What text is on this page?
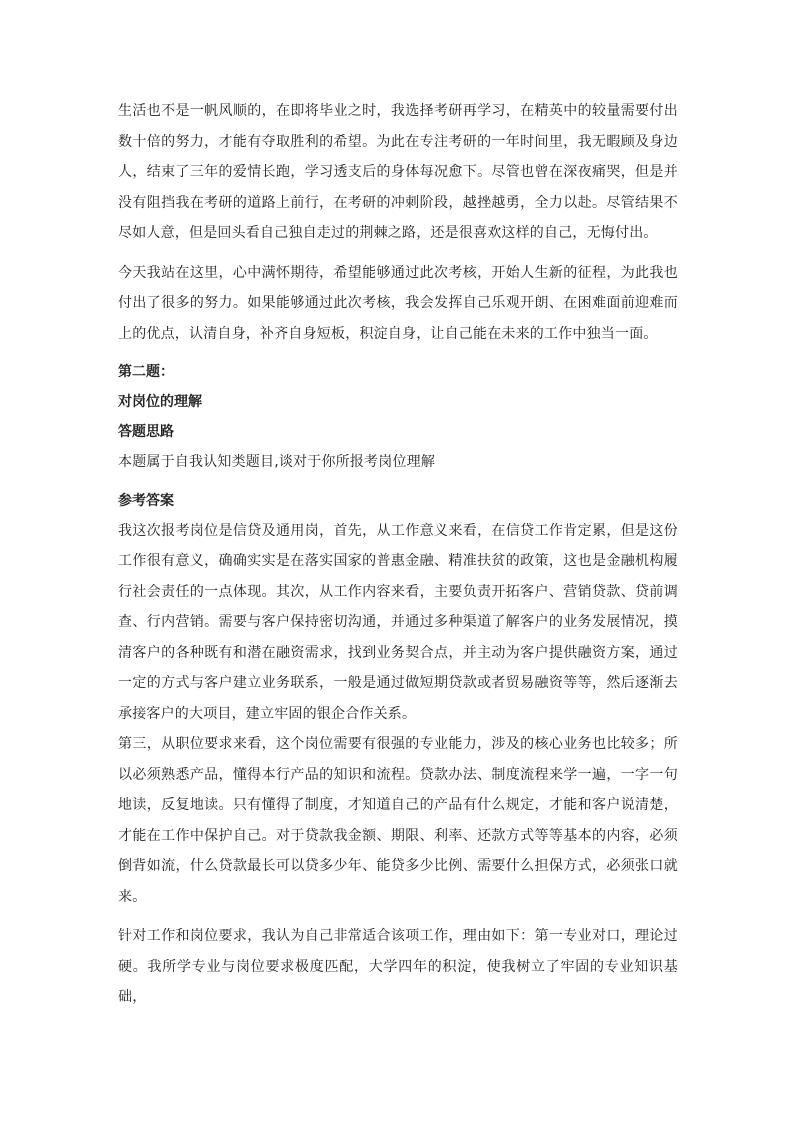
生活也不是一帆风顺的，在即将毕业之时，我选择考研再学习，在精英中的较量需要付出数十倍的努力，才能有夺取胜利的希望。为此在专注考研的一年时间里，我无暇顾及身边人，结束了三年的爱情长跑，学习透支后的身体每况愈下。尽管也曾在深夜痛哭，但是并没有阻挡我在考研的道路上前行，在考研的冲刺阶段，越挫越勇，全力以赴。尽管结果不尽如人意，但是回头看自己独自走过的荆棘之路，还是很喜欢这样的自己，无悔付出。

今天我站在这里，心中满怀期待，希望能够通过此次考核，开始人生新的征程，为此我也付出了很多的努力。如果能够通过此次考核，我会发挥自己乐观开朗、在困难面前迎难而上的优点，认清自身，补齐自身短板，积淀自身，让自己能在未来的工作中独当一面。

第二题：

对岗位的理解

答题思路

本题属于自我认知类题目,谈对于你所报考岗位理解

参考答案

我这次报考岗位是信贷及通用岗，首先，从工作意义来看，在信贷工作肯定累，但是这份工作很有意义，确确实实是在落实国家的普惠金融、精准扶贫的政策，这也是金融机构履行社会责任的一点体现。其次，从工作内容来看，主要负责开拓客户、营销贷款、贷前调查、行内营销。需要与客户保持密切沟通，并通过多种渠道了解客户的业务发展情况，摸清客户的各种既有和潜在融资需求，找到业务契合点，并主动为客户提供融资方案，通过一定的方式与客户建立业务联系，一般是通过做短期贷款或者贸易融资等等，然后逐渐去承接客户的大项目，建立牢固的银企合作关系。

第三，从职位要求来看，这个岗位需要有很强的专业能力，涉及的核心业务也比较多；所以必须熟悉产品，懂得本行产品的知识和流程。贷款办法、制度流程来学一遍，一字一句地读，反复地读。只有懂得了制度，才知道自己的产品有什么规定，才能和客户说清楚，才能在工作中保护自己。对于贷款我金额、期限、利率、还款方式等等基本的内容，必须倒背如流，什么贷款最长可以贷多少年、能贷多少比例、需要什么担保方式，必须张口就来。

针对工作和岗位要求，我认为自己非常适合该项工作，理由如下：第一专业对口，理论过硬。我所学专业与岗位要求极度匹配，大学四年的积淀，使我树立了牢固的专业知识基础，
